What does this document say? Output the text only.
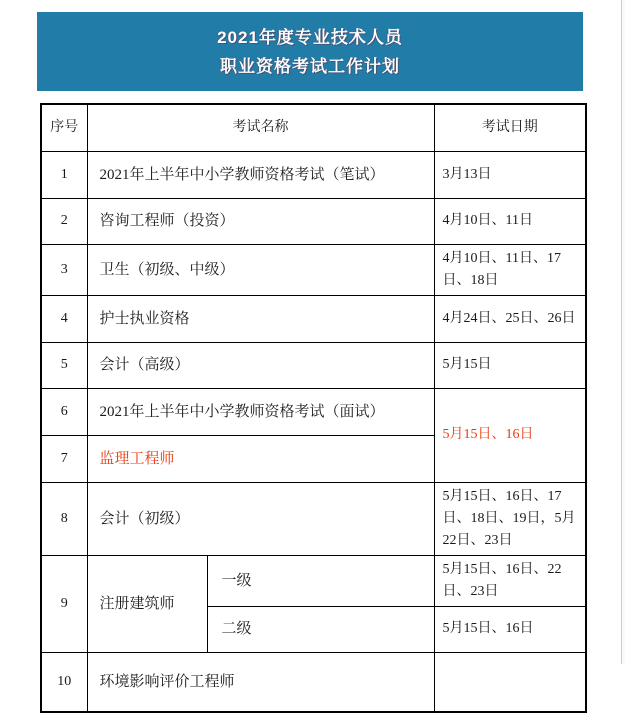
2021年度专业技术人员
职业资格考试工作计划
序号	考试名称		考试日期
1	2021年上半年中小学教师资格考试（笔试）		3月13日
2	咨询工程师（投资）		4月10日、11日
3	卫生（初级、中级）		4月10日、11日、17日、18日
4	护士执业资格		4月24日、25日、26日
5	会计（高级）		5月15日
6	2021年上半年中小学教师资格考试（面试）		5月15日、16日
7	监理工程师		
8	会计（初级）		5月15日、16日、17日、18日、19日，5月22日、23日
9	注册建筑师	一级	5月15日、16日、22日、23日
		二级	5月15日、16日
10	环境影响评价工程师		
